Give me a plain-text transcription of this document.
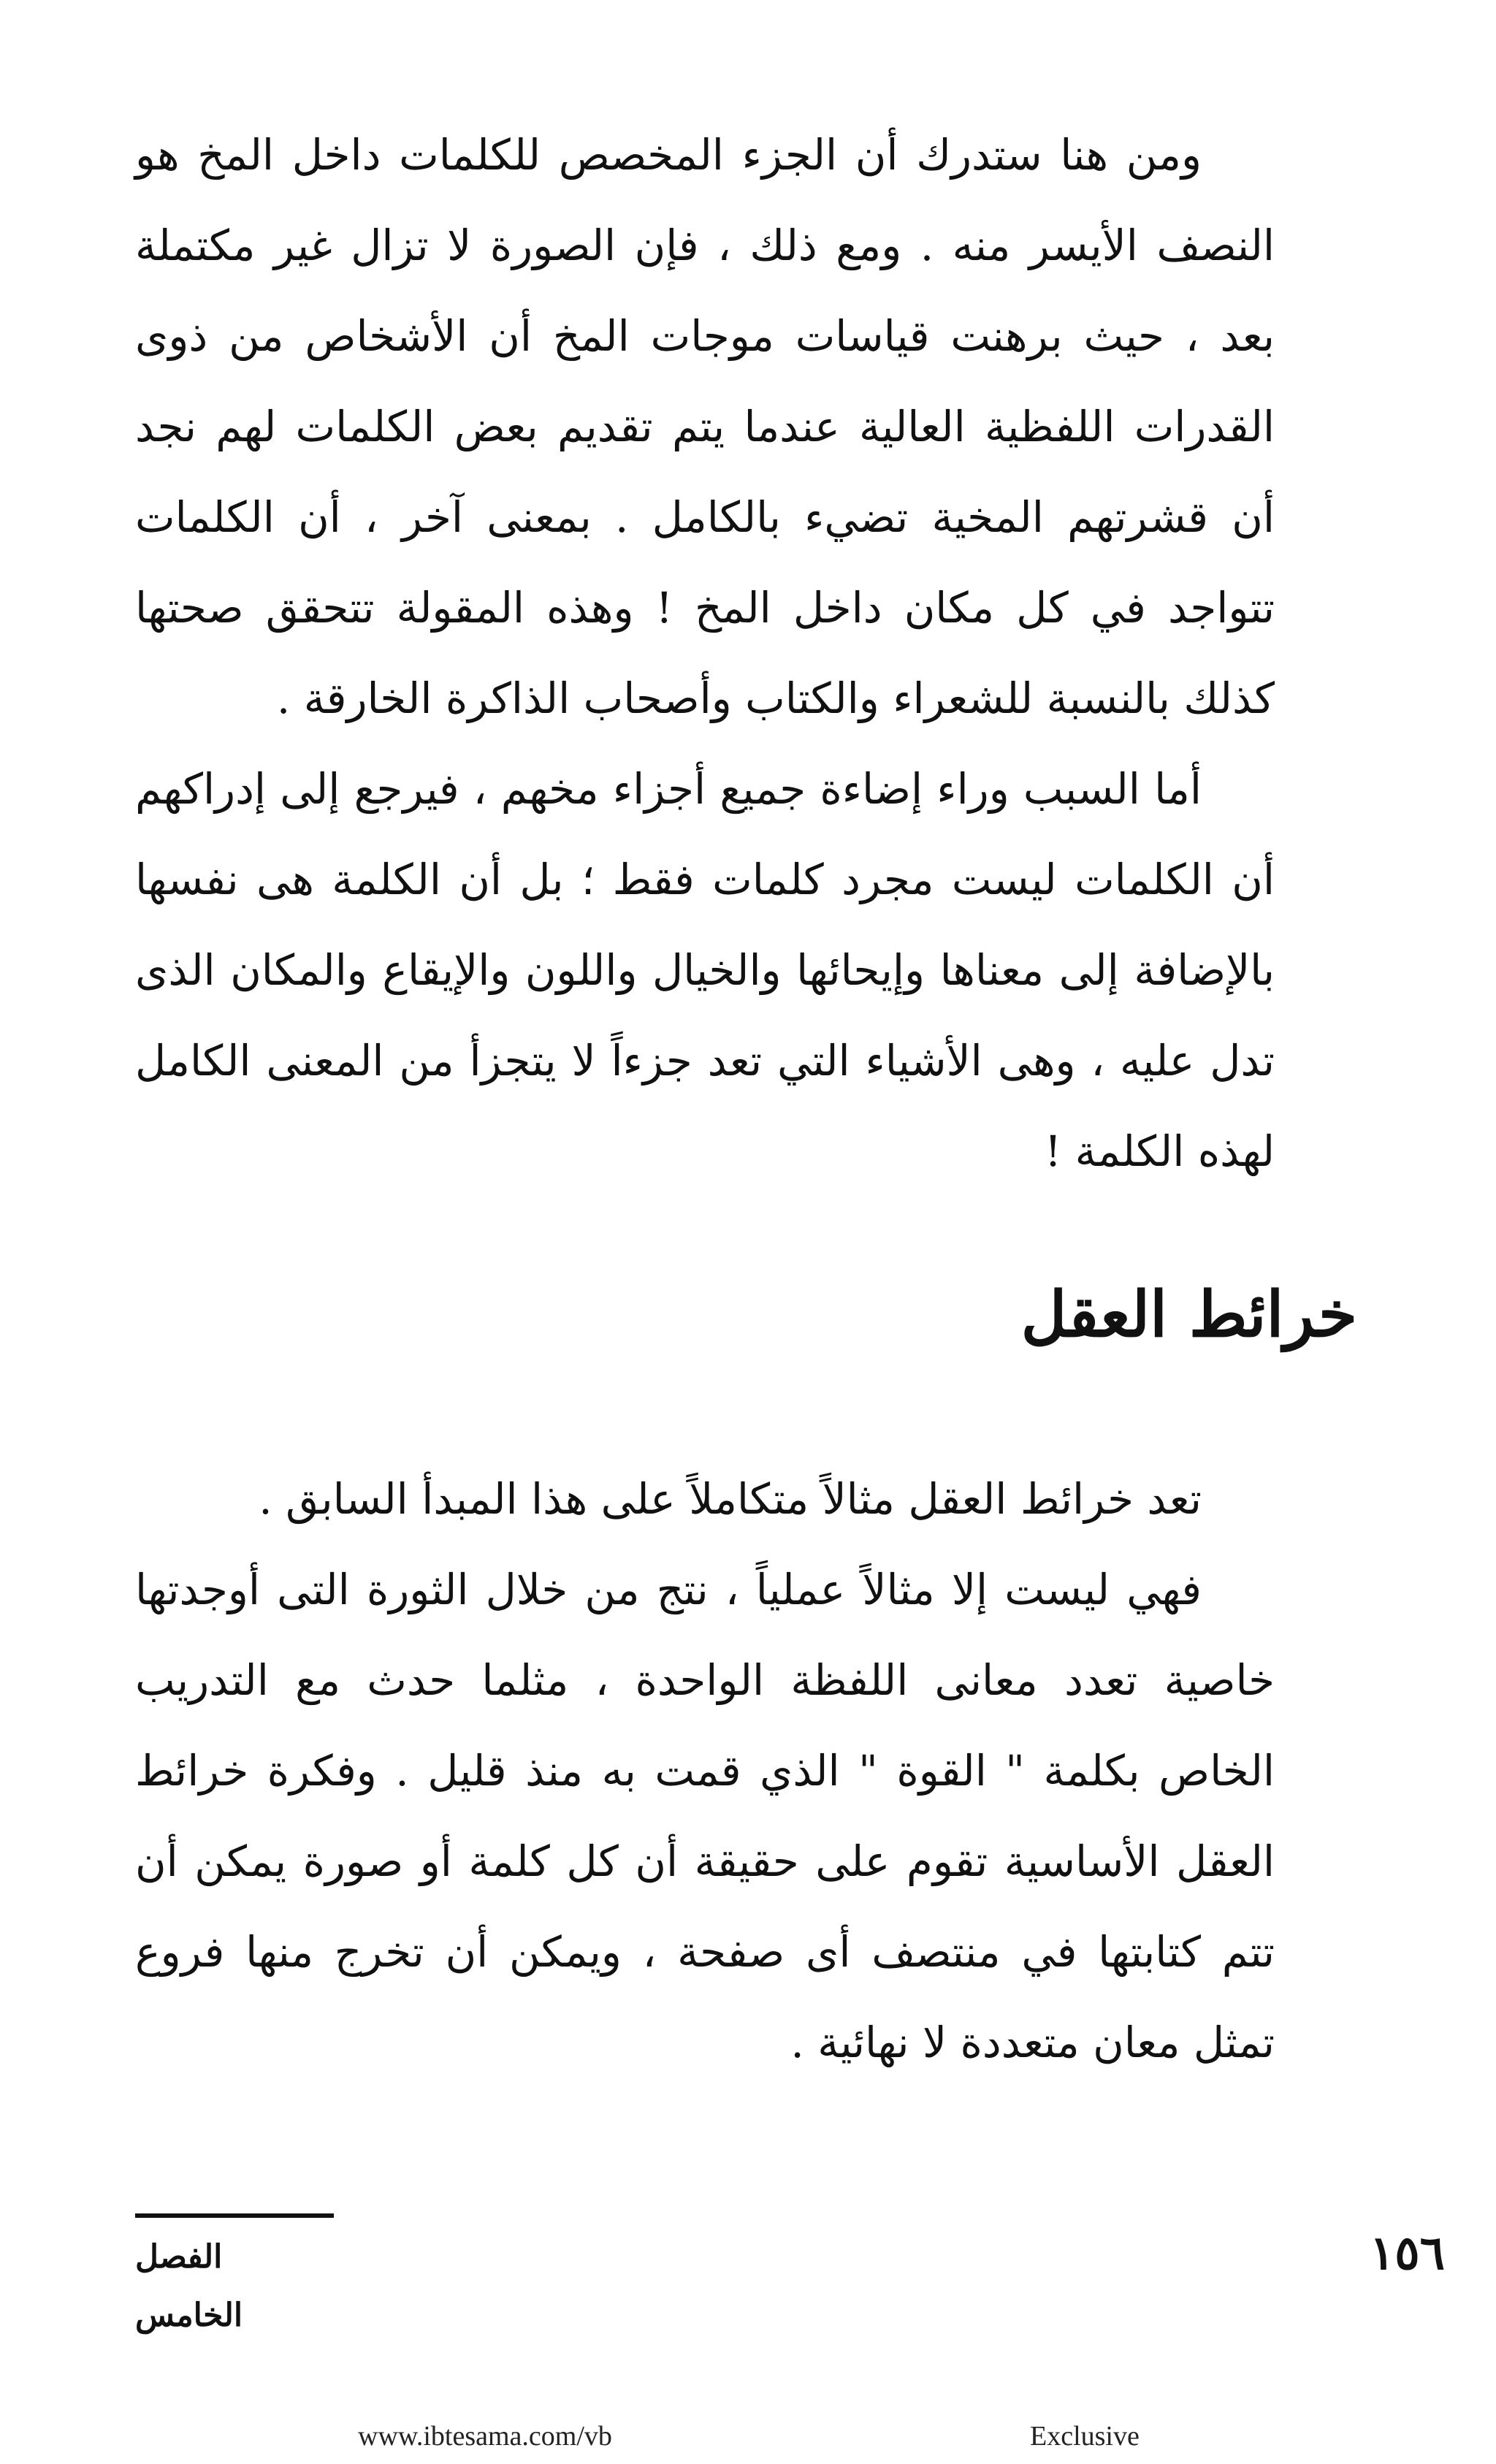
ومن هنا ستدرك أن الجزء المخصص للكلمات داخل المخ هو النصف الأيسر منه . ومع ذلك ، فإن الصورة لا تزال غير مكتملة بعد ، حيث برهنت قياسات موجات المخ أن الأشخاص من ذوى القدرات اللفظية العالية عندما يتم تقديم بعض الكلمات لهم نجد أن قشرتهم المخية تضيء بالكامل . بمعنى آخر ، أن الكلمات تتواجد في كل مكان داخل المخ ! وهذه المقولة تتحقق صحتها كذلك بالنسبة للشعراء والكتاب وأصحاب الذاكرة الخارقة .

أما السبب وراء إضاءة جميع أجزاء مخهم ، فيرجع إلى إدراكهم أن الكلمات ليست مجرد كلمات فقط ؛ بل أن الكلمة هى نفسها بالإضافة إلى معناها وإيحائها والخيال واللون والإيقاع والمكان الذى تدل عليه ، وهى الأشياء التي تعد جزءاً لا يتجزأ من المعنى الكامل لهذه الكلمة !

خرائط العقل

تعد خرائط العقل مثالاً متكاملاً على هذا المبدأ السابق .

فهي ليست إلا مثالاً عملياً ، نتج من خلال الثورة التى أوجدتها خاصية تعدد معانى اللفظة الواحدة ، مثلما حدث مع التدريب الخاص بكلمة " القوة " الذي قمت به منذ قليل . وفكرة خرائط العقل الأساسية تقوم على حقيقة أن كل كلمة أو صورة يمكن أن تتم كتابتها في منتصف أى صفحة ، ويمكن أن تخرج منها فروع تمثل معان متعددة لا نهائية .

الفصل الخامس
١٥٦
www.ibtesama.com/vb	Exclusive
